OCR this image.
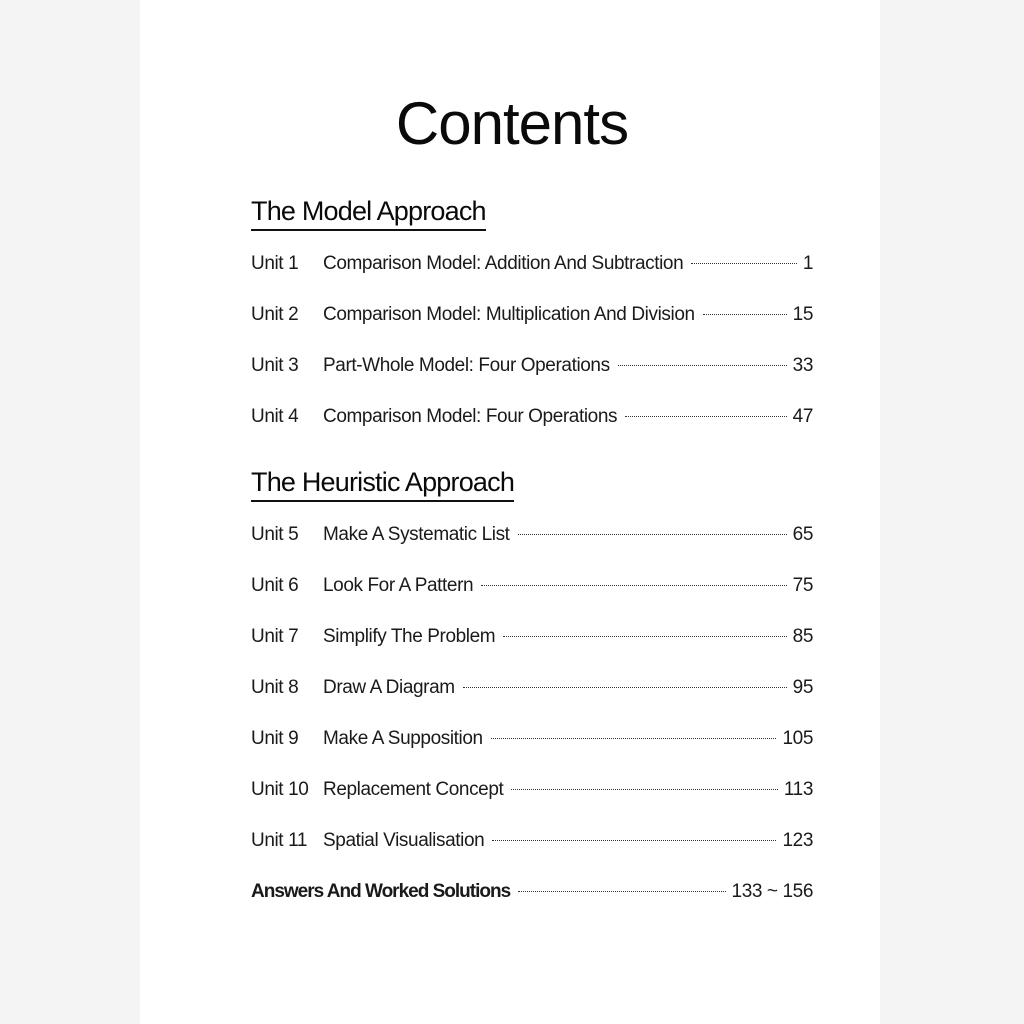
Contents
The Model Approach
Unit 1	Comparison Model: Addition And Subtraction	1
Unit 2	Comparison Model: Multiplication And Division	15
Unit 3	Part-Whole Model: Four Operations	33
Unit 4	Comparison Model: Four Operations	47
The Heuristic Approach
Unit 5	Make A Systematic List	65
Unit 6	Look For A Pattern	75
Unit 7	Simplify The Problem	85
Unit 8	Draw A Diagram	95
Unit 9	Make A Supposition	105
Unit 10 Replacement Concept	113
Unit 11 Spatial Visualisation	123
Answers And Worked Solutions	133 ~ 156
